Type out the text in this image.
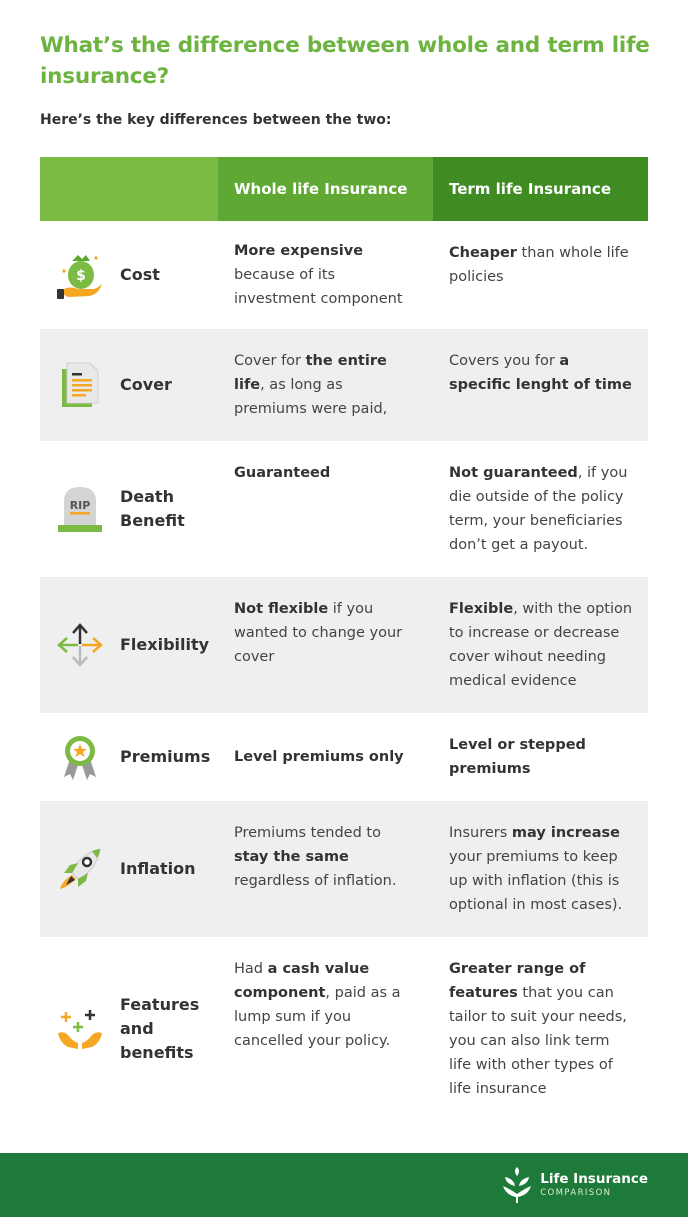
What’s the difference between whole and term life insurance?

Here’s the key differences between the two:

Whole life Insurance	Term life Insurance
$ Cost
More expensive because of its investment component
Cheaper than whole life policies
Cover
Cover for the entire life, as long as premiums were paid,
Covers you for a specific lenght of time
RIP Death Benefit
Guaranteed	Not guaranteed, if you die outside of the policy term, your beneficiaries don’t get a payout.
Flexibility
Not flexible if you wanted to change your cover
Flexible, with the option to increase or decrease cover wihout needing medical evidence
Premiums Level premiums only
Level or stepped premiums
Inflation
Premiums tended to stay the same regardless of inflation.
Insurers may increase your premiums to keep up with inflation (this is optional in most cases).
Features and benefits
Had a cash value component, paid as a lump sum if you cancelled your policy.
Greater range of features that you can tailor to suit your needs, you can also link term life with other types of life insurance
Life Insurance
COMPARISON
